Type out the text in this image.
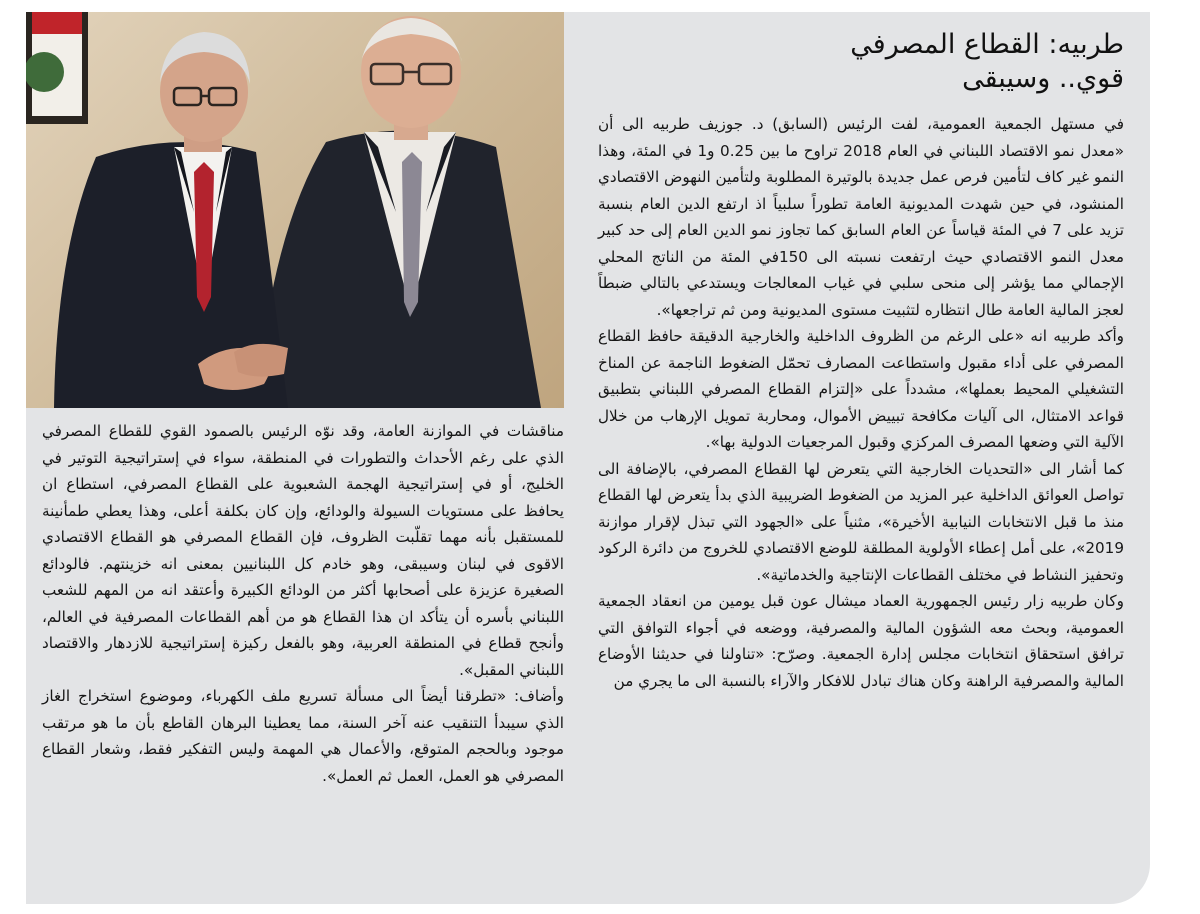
طربيه: القطاع المصرفي
قوي.. وسيبقى

في مستهل الجمعية العمومية، لفت الرئيس (السابق) د. جوزيف طربيه الى أن «معدل نمو الاقتصاد اللبناني في العام 2018 تراوح ما بين 0.25 و1 في المئة، وهذا النمو غير كاف لتأمين فرص عمل جديدة بالوتيرة المطلوبة ولتأمين النهوض الاقتصادي المنشود، في حين شهدت المديونية العامة تطوراً سلبياً اذ ارتفع الدين العام بنسبة تزيد على 7 في المئة قياساً عن العام السابق كما تجاوز نمو الدين العام إلى حد كبير معدل النمو الاقتصادي حيث ارتفعت نسبته الى 150في المئة من الناتج المحلي الإجمالي مما يؤشر إلى منحى سلبي في غياب المعالجات ويستدعي بالتالي ضبطاً لعجز المالية العامة طال انتظاره لتثبيت مستوى المديونية ومن ثم تراجعها».

وأكد طربيه انه «على الرغم من الظروف الداخلية والخارجية الدقيقة حافظ القطاع المصرفي على أداء مقبول واستطاعت المصارف تحمّل الضغوط الناجمة عن المناخ التشغيلي المحيط بعملها»، مشدداً على «إلتزام القطاع المصرفي اللبناني بتطبيق قواعد الامتثال، الى آليات مكافحة تبييض الأموال، ومحاربة تمويل الإرهاب من خلال الآلية التي وضعها المصرف المركزي وقبول المرجعيات الدولية بها».

كما أشار الى «التحديات الخارجية التي يتعرض لها القطاع المصرفي، بالإضافة الى تواصل العوائق الداخلية عبر المزيد من الضغوط الضريبية الذي بدأ يتعرض لها القطاع منذ ما قبل الانتخابات النيابية الأخيرة»، مثنياً على «الجهود التي تبذل لإقرار موازنة 2019»، على أمل إعطاء الأولوية المطلقة للوضع الاقتصادي للخروج من دائرة الركود وتحفيز النشاط في مختلف القطاعات الإنتاجية والخدماتية».

وكان طربيه زار رئيس الجمهورية العماد ميشال عون قبل يومين من انعقاد الجمعية العمومية، وبحث معه الشؤون المالية والمصرفية، ووضعه في أجواء التوافق التي ترافق استحقاق انتخابات مجلس إدارة الجمعية. وصرّح: «تناولنا في حديثنا الأوضاع المالية والمصرفية الراهنة وكان هناك تبادل للافكار والآراء بالنسبة الى ما يجري من

مناقشات في الموازنة العامة، وقد نوّه الرئيس بالصمود القوي للقطاع المصرفي الذي على رغم الأحداث والتطورات في المنطقة، سواء في إستراتيجية التوتير في الخليج، أو في إستراتيجية الهجمة الشعبوية على القطاع المصرفي، استطاع ان يحافظ على مستويات السيولة والودائع، وإن كان بكلفة أعلى، وهذا يعطي طمأنينة للمستقبل بأنه مهما تقلّبت الظروف، فإن القطاع المصرفي هو القطاع الاقتصادي الاقوى في لبنان وسيبقى، وهو خادم كل اللبنانيين بمعنى انه خزينتهم. فالودائع الصغيرة عزيزة على أصحابها أكثر من الودائع الكبيرة وأعتقد انه من المهم للشعب اللبناني بأسره أن يتأكد ان هذا القطاع هو من أهم القطاعات المصرفية في العالم، وأنجح قطاع في المنطقة العربية، وهو بالفعل ركيزة إستراتيجية للازدهار والاقتصاد اللبناني المقبل».

وأضاف: «تطرقنا أيضاً الى مسألة تسريع ملف الكهرباء، وموضوع استخراج الغاز الذي سيبدأ التنقيب عنه آخر السنة، مما يعطينا البرهان القاطع بأن ما هو مرتقب موجود وبالحجم المتوقع، والأعمال هي المهمة وليس التفكير فقط، وشعار القطاع المصرفي هو العمل، العمل ثم العمل».
